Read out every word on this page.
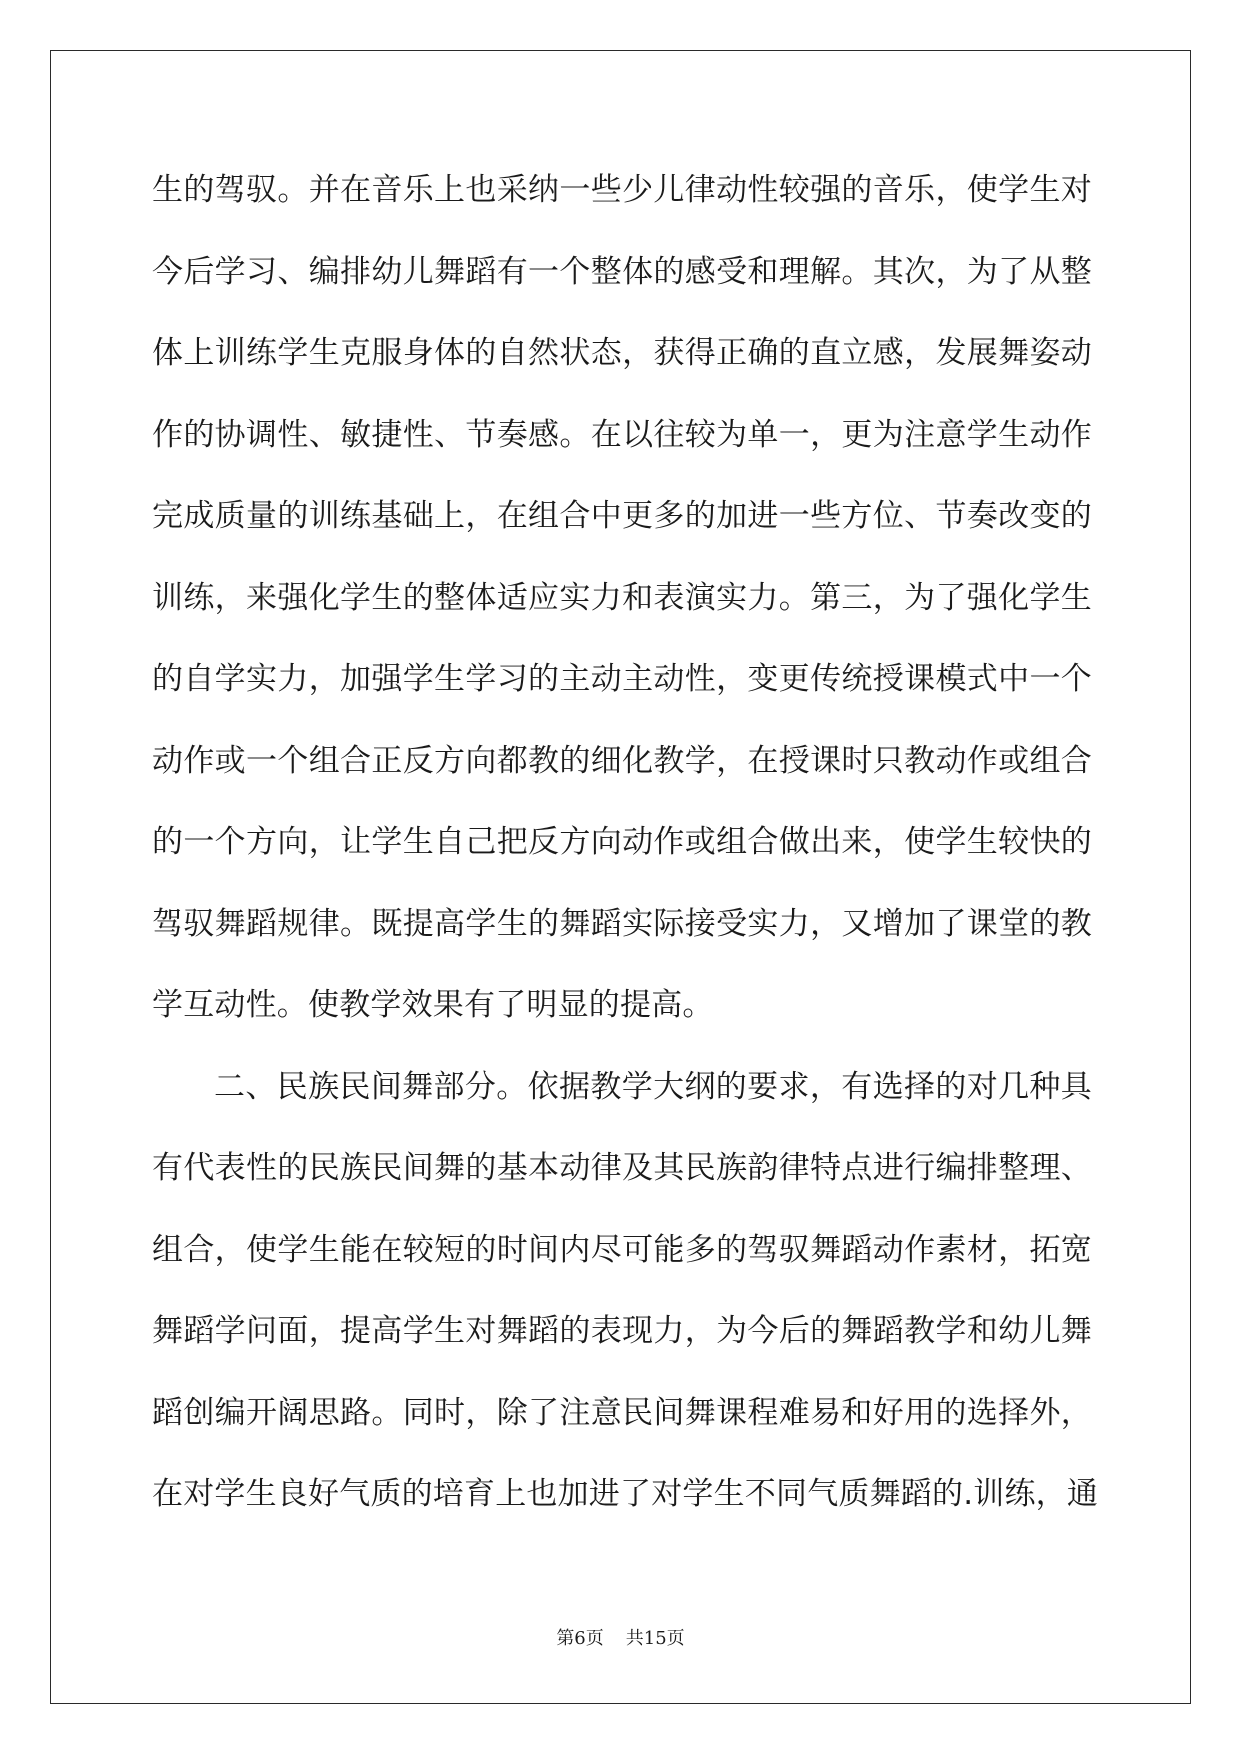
生的驾驭。并在音乐上也采纳一些少儿律动性较强的音乐，使学生对
今后学习、编排幼儿舞蹈有一个整体的感受和理解。其次，为了从整
体上训练学生克服身体的自然状态，获得正确的直立感，发展舞姿动
作的协调性、敏捷性、节奏感。在以往较为单一，更为注意学生动作
完成质量的训练基础上，在组合中更多的加进一些方位、节奏改变的
训练，来强化学生的整体适应实力和表演实力。第三，为了强化学生
的自学实力，加强学生学习的主动主动性，变更传统授课模式中一个
动作或一个组合正反方向都教的细化教学，在授课时只教动作或组合
的一个方向，让学生自己把反方向动作或组合做出来，使学生较快的
驾驭舞蹈规律。既提高学生的舞蹈实际接受实力，又增加了课堂的教
学互动性。使教学效果有了明显的提高。
二、民族民间舞部分。依据教学大纲的要求，有选择的对几种具
有代表性的民族民间舞的基本动律及其民族韵律特点进行编排整理、
组合，使学生能在较短的时间内尽可能多的驾驭舞蹈动作素材，拓宽
舞蹈学问面，提高学生对舞蹈的表现力，为今后的舞蹈教学和幼儿舞
蹈创编开阔思路。同时，除了注意民间舞课程难易和好用的选择外，
在对学生良好气质的培育上也加进了对学生不同气质舞蹈的.训练，通
第6页 共15页
